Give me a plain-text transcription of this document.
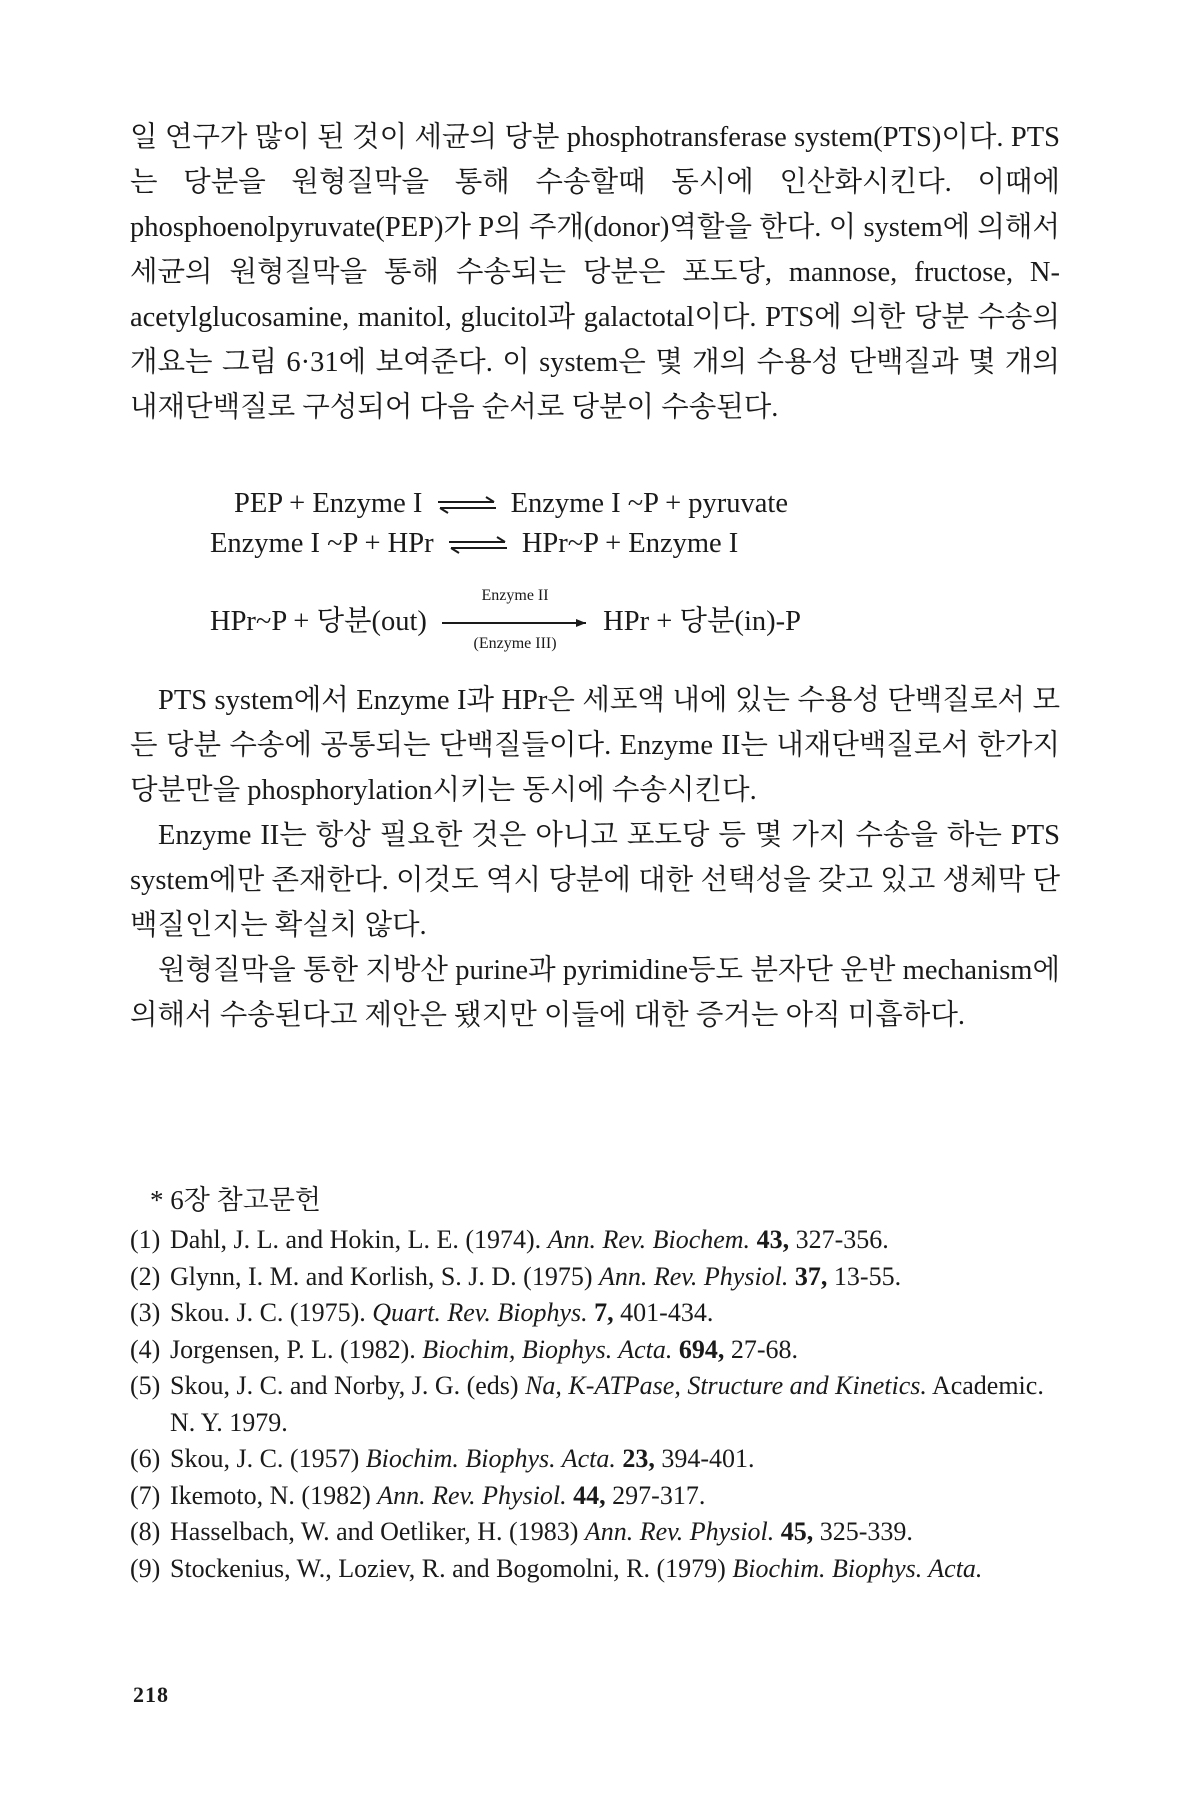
일 연구가 많이 된 것이 세균의 당분 phosphotransferase system(PTS)이다. PTS는 당분을 원형질막을 통해 수송할때 동시에 인산화시킨다. 이때에 phosphoenolpyruvate(PEP)가 P의 주개(donor)역할을 한다. 이 system에 의해서 세균의 원형질막을 통해 수송되는 당분은 포도당, mannose, fructose, N-acetylglucosamine, manitol, glucitol과 galactotal이다. PTS에 의한 당분 수송의 개요는 그림 6·31에 보여준다. 이 system은 몇 개의 수용성 단백질과 몇 개의 내재단백질로 구성되어 다음 순서로 당분이 수송된다.

PEP + Enzyme I ⇌ Enzyme I ~P + pyruvate
Enzyme I ~P + HPr ⇌ HPr~P + Enzyme I
HPr~P + 당분(out)
Enzyme II
(Enzyme III)
HPr + 당분(in)-P

PTS system에서 Enzyme I과 HPr은 세포액 내에 있는 수용성 단백질로서 모든 당분 수송에 공통되는 단백질들이다. Enzyme II는 내재단백질로서 한가지 당분만을 phosphorylation시키는 동시에 수송시킨다.

Enzyme II는 항상 필요한 것은 아니고 포도당 등 몇 가지 수송을 하는 PTS system에만 존재한다. 이것도 역시 당분에 대한 선택성을 갖고 있고 생체막 단백질인지는 확실치 않다.

원형질막을 통한 지방산 purine과 pyrimidine등도 분자단 운반 mechanism에 의해서 수송된다고 제안은 됐지만 이들에 대한 증거는 아직 미흡하다.

* 6장 참고문헌
(1) Dahl, J. L. and Hokin, L. E. (1974). Ann. Rev. Biochem. 43, 327-356.
(2) Glynn, I. M. and Korlish, S. J. D. (1975) Ann. Rev. Physiol. 37, 13-55.
(3) Skou. J. C. (1975). Quart. Rev. Biophys. 7, 401-434.
(4) Jorgensen, P. L. (1982). Biochim, Biophys. Acta. 694, 27-68.
(5) Skou, J. C. and Norby, J. G. (eds) Na, K-ATPase, Structure and Kinetics. Academic. N. Y. 1979.
(6) Skou, J. C. (1957) Biochim. Biophys. Acta. 23, 394-401.
(7) Ikemoto, N. (1982) Ann. Rev. Physiol. 44, 297-317.
(8) Hasselbach, W. and Oetliker, H. (1983) Ann. Rev. Physiol. 45, 325-339.
(9) Stockenius, W., Loziev, R. and Bogomolni, R. (1979) Biochim. Biophys. Acta.
218
